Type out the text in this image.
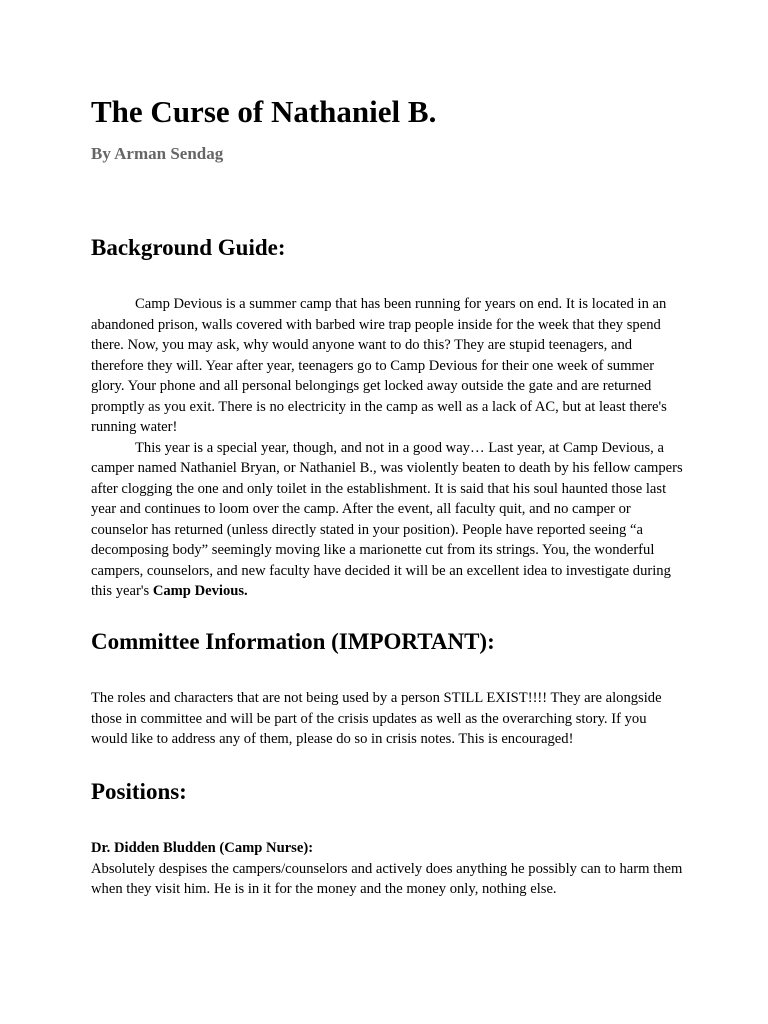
The Curse of Nathaniel B.
By Arman Sendag
Background Guide:

Camp Devious is a summer camp that has been running for years on end. It is located in an abandoned prison, walls covered with barbed wire trap people inside for the week that they spend there. Now, you may ask, why would anyone want to do this? They are stupid teenagers, and therefore they will. Year after year, teenagers go to Camp Devious for their one week of summer glory. Your phone and all personal belongings get locked away outside the gate and are returned promptly as you exit. There is no electricity in the camp as well as a lack of AC, but at least there's running water!

This year is a special year, though, and not in a good way… Last year, at Camp Devious, a camper named Nathaniel Bryan, or Nathaniel B., was violently beaten to death by his fellow campers after clogging the one and only toilet in the establishment. It is said that his soul haunted those last year and continues to loom over the camp. After the event, all faculty quit, and no camper or counselor has returned (unless directly stated in your position). People have reported seeing “a decomposing body” seemingly moving like a marionette cut from its strings. You, the wonderful campers, counselors, and new faculty have decided it will be an excellent idea to investigate during this year's Camp Devious.

Committee Information (IMPORTANT):

The roles and characters that are not being used by a person STILL EXIST!!!! They are alongside those in committee and will be part of the crisis updates as well as the overarching story. If you would like to address any of them, please do so in crisis notes. This is encouraged!

Positions:

Dr. Didden Bludden (Camp Nurse):

Absolutely despises the campers/counselors and actively does anything he possibly can to harm them when they visit him. He is in it for the money and the money only, nothing else.
